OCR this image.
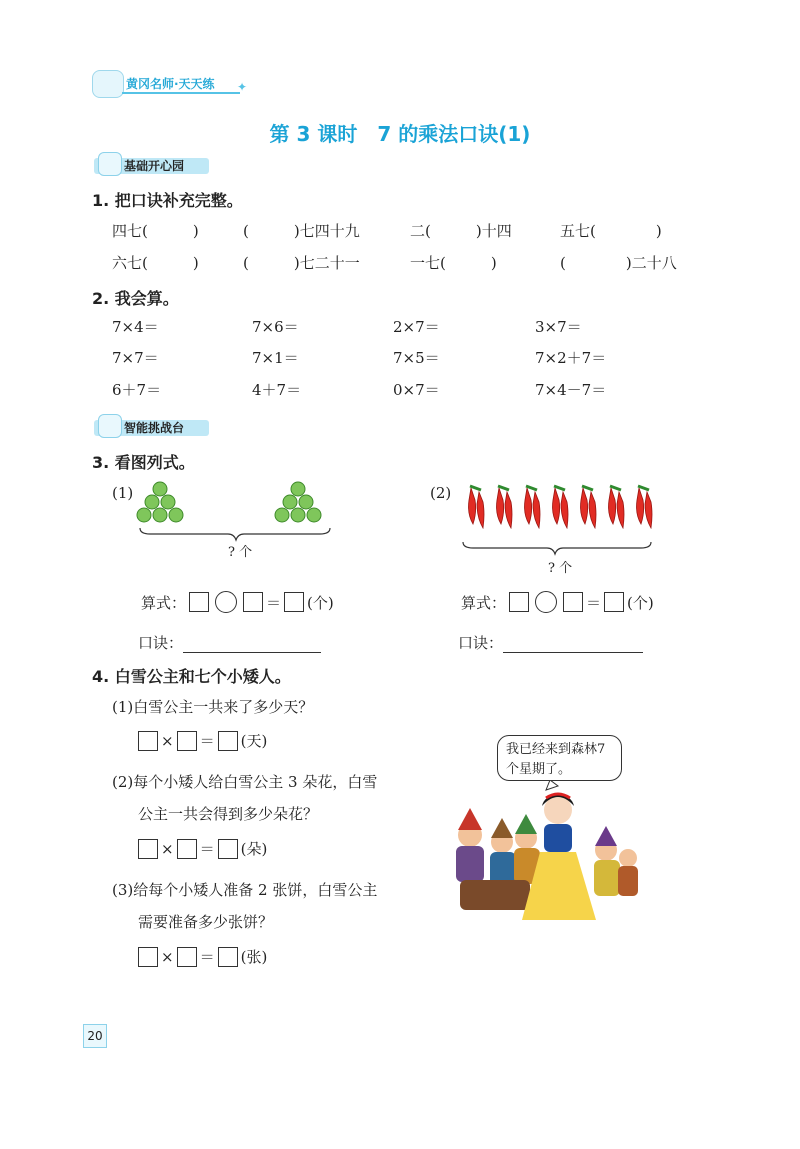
黄冈名师·天天练 ✦
第 3 课时　7 的乘法口诀(1)
基础开心园
1. 把口诀补充完整。
四七(　　　)	(　　　)七四十九	二(　　　)十四	五七(　　　　)
六七(　　　)	(　　　)七二十一	一七(　　　)	(　　　　)二十八
2. 我会算。
7×4＝	7×6＝	2×7＝	3×7＝
7×7＝	7×1＝	7×5＝	7×2＋7＝
6＋7＝	4＋7＝	0×7＝	7×4－7＝
智能挑战台
3. 看图列式。
(1)
? 个
(2)
? 个
算式：	＝ (个)	算式：	＝ (个)
口诀：	口诀：
4. 白雪公主和七个小矮人。
(1)白雪公主一共来了多少天？
× ＝ (天)
(2)每个小矮人给白雪公主 3 朵花，白雪
公主一共会得到多少朵花？
× ＝ (朵)
(3)给每个小矮人准备 2 张饼，白雪公主
需要准备多少张饼？
× ＝ (张)
我已经来到森林7个星期了。
20
